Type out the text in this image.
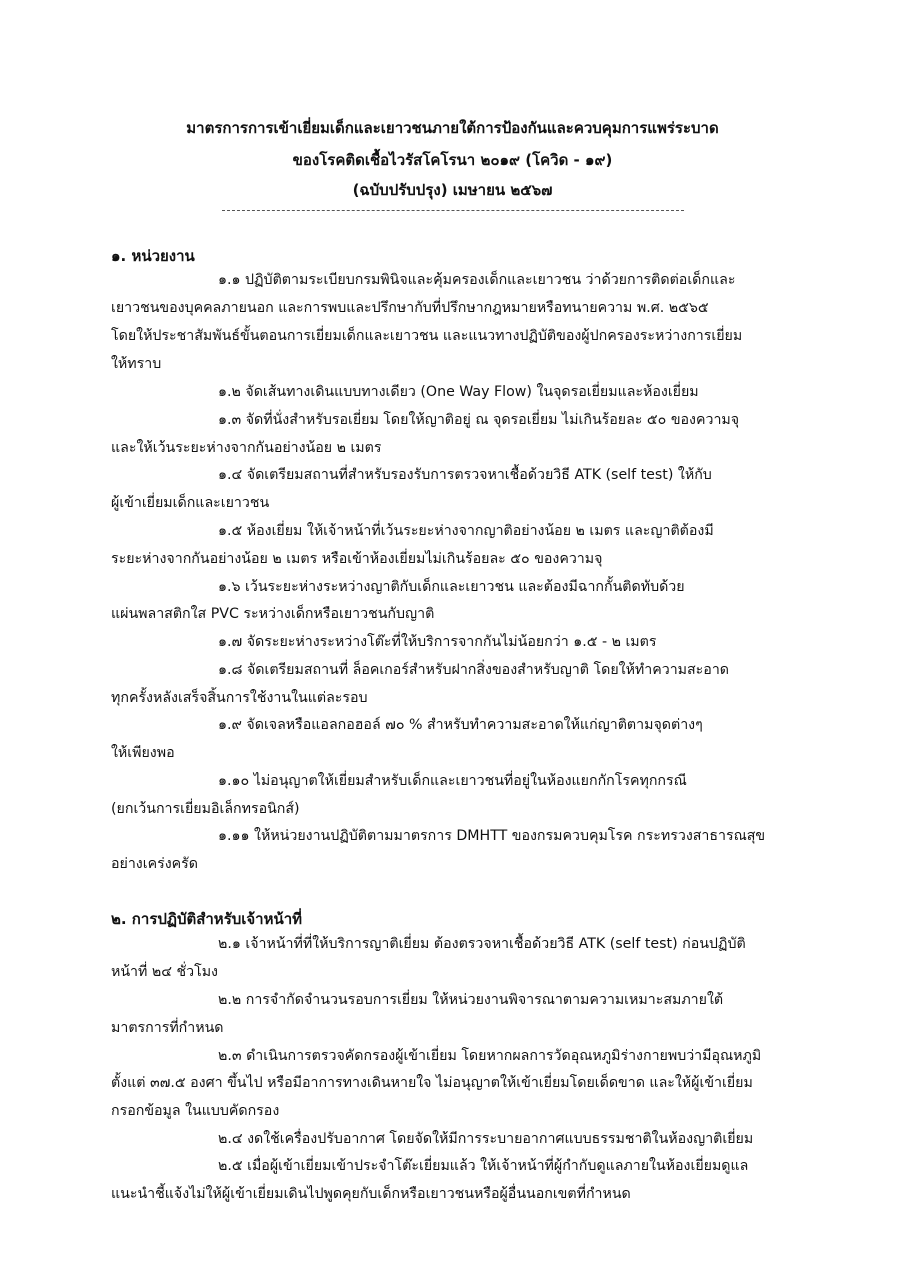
มาตรการการเข้าเยี่ยมเด็กและเยาวชนภายใต้การป้องกันและควบคุมการแพร่ระบาด
ของโรคติดเชื้อไวรัสโคโรนา ๒๐๑๙ (โควิด - ๑๙)
(ฉบับปรับปรุง) เมษายน ๒๕๖๗
๑. หน่วยงาน
๑.๑ ปฏิบัติตามระเบียบกรมพินิจและคุ้มครองเด็กและเยาวชน ว่าด้วยการติดต่อเด็กและ
เยาวชนของบุคคลภายนอก และการพบและปรึกษากับที่ปรึกษากฎหมายหรือทนายความ พ.ศ. ๒๕๖๕
โดยให้ประชาสัมพันธ์ขั้นตอนการเยี่ยมเด็กและเยาวชน และแนวทางปฏิบัติของผู้ปกครองระหว่างการเยี่ยม
ให้ทราบ
๑.๒ จัดเส้นทางเดินแบบทางเดียว (One Way Flow) ในจุดรอเยี่ยมและห้องเยี่ยม
๑.๓ จัดที่นั่งสำหรับรอเยี่ยม โดยให้ญาติอยู่ ณ จุดรอเยี่ยม ไม่เกินร้อยละ ๕๐ ของความจุ
และให้เว้นระยะห่างจากกันอย่างน้อย ๒ เมตร
๑.๔ จัดเตรียมสถานที่สำหรับรองรับการตรวจหาเชื้อด้วยวิธี ATK (self test) ให้กับ
ผู้เข้าเยี่ยมเด็กและเยาวชน
๑.๕ ห้องเยี่ยม ให้เจ้าหน้าที่เว้นระยะห่างจากญาติอย่างน้อย ๒ เมตร และญาติต้องมี
ระยะห่างจากกันอย่างน้อย ๒ เมตร หรือเข้าห้องเยี่ยมไม่เกินร้อยละ ๕๐ ของความจุ
๑.๖ เว้นระยะห่างระหว่างญาติกับเด็กและเยาวชน และต้องมีฉากกั้นติดทับด้วย
แผ่นพลาสติกใส PVC ระหว่างเด็กหรือเยาวชนกับญาติ
๑.๗ จัดระยะห่างระหว่างโต๊ะที่ให้บริการจากกันไม่น้อยกว่า ๑.๕ - ๒ เมตร
๑.๘ จัดเตรียมสถานที่ ล็อคเกอร์สำหรับฝากสิ่งของสำหรับญาติ โดยให้ทำความสะอาด
ทุกครั้งหลังเสร็จสิ้นการใช้งานในแต่ละรอบ
๑.๙ จัดเจลหรือแอลกอฮอล์ ๗๐ % สำหรับทำความสะอาดให้แก่ญาติตามจุดต่างๆ
ให้เพียงพอ
๑.๑๐ ไม่อนุญาตให้เยี่ยมสำหรับเด็กและเยาวชนที่อยู่ในห้องแยกกักโรคทุกกรณี
(ยกเว้นการเยี่ยมอิเล็กทรอนิกส์)
๑.๑๑ ให้หน่วยงานปฏิบัติตามมาตรการ DMHTT ของกรมควบคุมโรค กระทรวงสาธารณสุข
อย่างเคร่งครัด
๒. การปฏิบัติสำหรับเจ้าหน้าที่
๒.๑ เจ้าหน้าที่ที่ให้บริการญาติเยี่ยม ต้องตรวจหาเชื้อด้วยวิธี ATK (self test) ก่อนปฏิบัติ
หน้าที่ ๒๔ ชั่วโมง
๒.๒ การจำกัดจำนวนรอบการเยี่ยม ให้หน่วยงานพิจารณาตามความเหมาะสมภายใต้
มาตรการที่กำหนด
๒.๓ ดำเนินการตรวจคัดกรองผู้เข้าเยี่ยม โดยหากผลการวัดอุณหภูมิร่างกายพบว่ามีอุณหภูมิ
ตั้งแต่ ๓๗.๕ องศา ขึ้นไป หรือมีอาการทางเดินหายใจ ไม่อนุญาตให้เข้าเยี่ยมโดยเด็ดขาด และให้ผู้เข้าเยี่ยม
กรอกข้อมูล ในแบบคัดกรอง
๒.๔ งดใช้เครื่องปรับอากาศ โดยจัดให้มีการระบายอากาศแบบธรรมชาติในห้องญาติเยี่ยม
๒.๕ เมื่อผู้เข้าเยี่ยมเข้าประจำโต๊ะเยี่ยมแล้ว ให้เจ้าหน้าที่ผู้กำกับดูแลภายในห้องเยี่ยมดูแล
แนะนำชี้แจ้งไม่ให้ผู้เข้าเยี่ยมเดินไปพูดคุยกับเด็กหรือเยาวชนหรือผู้อื่นนอกเขตที่กำหนด
